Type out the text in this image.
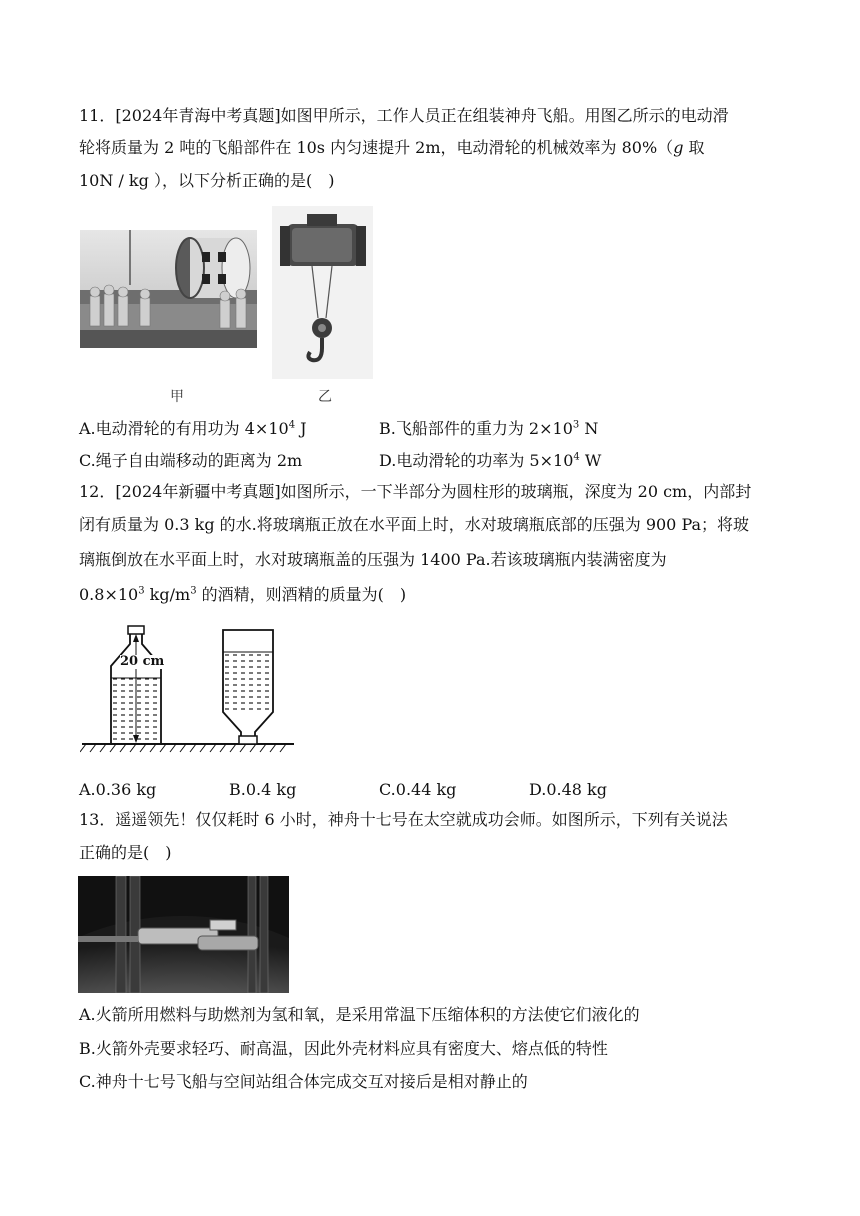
11．[2024年青海中考真题]如图甲所示，工作人员正在组装神舟飞船。用图乙所示的电动滑
轮将质量为 2 吨的飞船部件在 10s 内匀速提升 2m，电动滑轮的机械效率为 80%（g 取
10N / kg ），以下分析正确的是(　)
甲	乙
A.电动滑轮的有用功为 $4\times 10^4$ J	B.飞船部件的重力为 $2\times 10^3$ N
C.绳子自由端移动的距离为 2m	D.电动滑轮的功率为 $5\times 10^4$ W
12．[2024年新疆中考真题]如图所示，一下半部分为圆柱形的玻璃瓶，深度为 20 cm，内部封
闭有质量为 0.3 kg 的水.将玻璃瓶正放在水平面上时，水对玻璃瓶底部的压强为 900 Pa；将玻
璃瓶倒放在水平面上时，水对玻璃瓶盖的压强为 1400 Pa.若该玻璃瓶内装满密度为
$0.8\times 10^3$ $kg/m^3$ 的酒精，则酒精的质量为(　)
20 cm
A.0.36 kg	B.0.4 kg	C.0.44 kg	D.0.48 kg
13．遥遥领先！仅仅耗时 6 小时，神舟十七号在太空就成功会师。如图所示，下列有关说法
正确的是(　)
A.火箭所用燃料与助燃剂为氢和氧，是采用常温下压缩体积的方法使它们液化的
B.火箭外壳要求轻巧、耐高温，因此外壳材料应具有密度大、熔点低的特性
C.神舟十七号飞船与空间站组合体完成交互对接后是相对静止的
